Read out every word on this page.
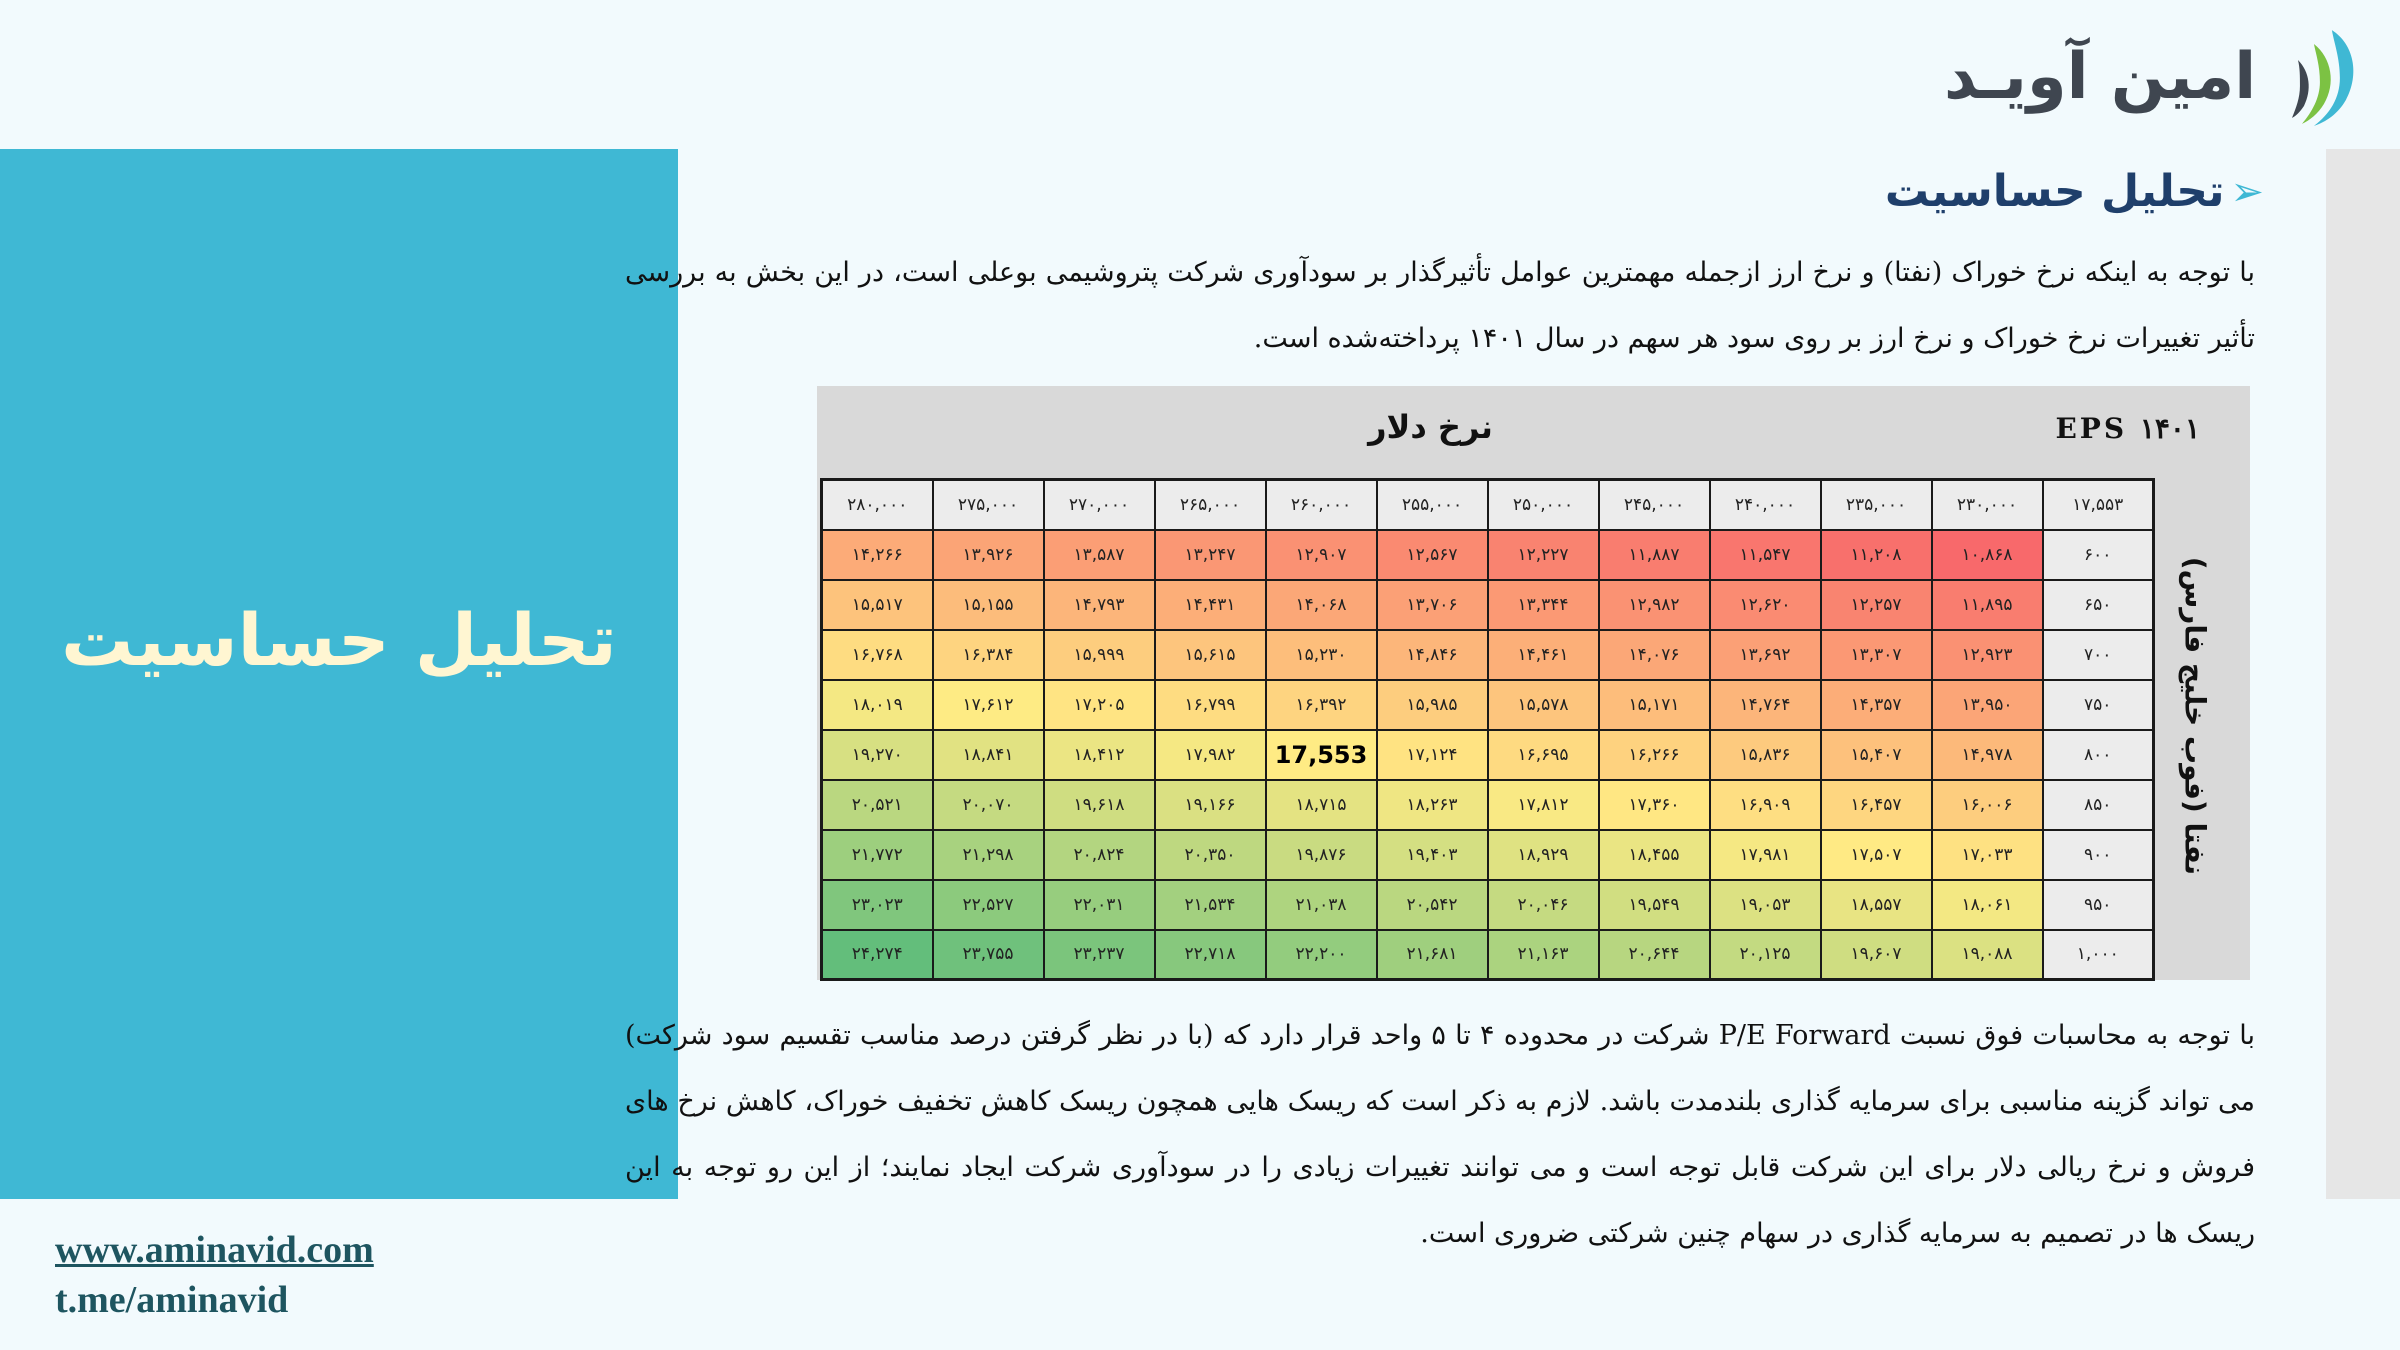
امین آویـد
تحلیل حساسیت
www.aminavid.com
t.me/aminavid
➢
تحلیل حساسیت

با توجه به اینکه نرخ خوراک (نفتا) و نرخ ارز ازجمله مهمترین عوامل تأثیرگذار بر سودآوری شرکت پتروشیمی بوعلی است، در این بخش به بررسی تأثیر تغییرات نرخ خوراک و نرخ ارز بر روی سود هر سهم در سال ۱۴۰۱ پرداخته‌شده است.

EPS ۱۴۰۱
نرخ دلار
نفتا (فوب خلیج فارس)
۱۷,۵۵۳	۲۳۰,۰۰۰	۲۳۵,۰۰۰	۲۴۰,۰۰۰	۲۴۵,۰۰۰	۲۵۰,۰۰۰	۲۵۵,۰۰۰	۲۶۰,۰۰۰	۲۶۵,۰۰۰	۲۷۰,۰۰۰	۲۷۵,۰۰۰	۲۸۰,۰۰۰
۶۰۰	۱۰,۸۶۸	۱۱,۲۰۸	۱۱,۵۴۷	۱۱,۸۸۷	۱۲,۲۲۷	۱۲,۵۶۷	۱۲,۹۰۷	۱۳,۲۴۷	۱۳,۵۸۷	۱۳,۹۲۶	۱۴,۲۶۶
۶۵۰	۱۱,۸۹۵	۱۲,۲۵۷	۱۲,۶۲۰	۱۲,۹۸۲	۱۳,۳۴۴	۱۳,۷۰۶	۱۴,۰۶۸	۱۴,۴۳۱	۱۴,۷۹۳	۱۵,۱۵۵	۱۵,۵۱۷
۷۰۰	۱۲,۹۲۳	۱۳,۳۰۷	۱۳,۶۹۲	۱۴,۰۷۶	۱۴,۴۶۱	۱۴,۸۴۶	۱۵,۲۳۰	۱۵,۶۱۵	۱۵,۹۹۹	۱۶,۳۸۴	۱۶,۷۶۸
۷۵۰	۱۳,۹۵۰	۱۴,۳۵۷	۱۴,۷۶۴	۱۵,۱۷۱	۱۵,۵۷۸	۱۵,۹۸۵	۱۶,۳۹۲	۱۶,۷۹۹	۱۷,۲۰۵	۱۷,۶۱۲	۱۸,۰۱۹
۸۰۰	۱۴,۹۷۸	۱۵,۴۰۷	۱۵,۸۳۶	۱۶,۲۶۶	۱۶,۶۹۵	۱۷,۱۲۴	17,553	۱۷,۹۸۲	۱۸,۴۱۲	۱۸,۸۴۱	۱۹,۲۷۰
۸۵۰	۱۶,۰۰۶	۱۶,۴۵۷	۱۶,۹۰۹	۱۷,۳۶۰	۱۷,۸۱۲	۱۸,۲۶۳	۱۸,۷۱۵	۱۹,۱۶۶	۱۹,۶۱۸	۲۰,۰۷۰	۲۰,۵۲۱
۹۰۰	۱۷,۰۳۳	۱۷,۵۰۷	۱۷,۹۸۱	۱۸,۴۵۵	۱۸,۹۲۹	۱۹,۴۰۳	۱۹,۸۷۶	۲۰,۳۵۰	۲۰,۸۲۴	۲۱,۲۹۸	۲۱,۷۷۲
۹۵۰	۱۸,۰۶۱	۱۸,۵۵۷	۱۹,۰۵۳	۱۹,۵۴۹	۲۰,۰۴۶	۲۰,۵۴۲	۲۱,۰۳۸	۲۱,۵۳۴	۲۲,۰۳۱	۲۲,۵۲۷	۲۳,۰۲۳
۱,۰۰۰	۱۹,۰۸۸	۱۹,۶۰۷	۲۰,۱۲۵	۲۰,۶۴۴	۲۱,۱۶۳	۲۱,۶۸۱	۲۲,۲۰۰	۲۲,۷۱۸	۲۳,۲۳۷	۲۳,۷۵۵	۲۴,۲۷۴

با توجه به محاسبات فوق نسبت P/E Forward شرکت در محدوده ۴ تا ۵ واحد قرار دارد که (با در نظر گرفتن درصد مناسب تقسیم سود شرکت) می تواند گزینه مناسبی برای سرمایه گذاری بلندمدت باشد. لازم به ذکر است که ریسک هایی همچون ریسک کاهش تخفیف خوراک، کاهش نرخ های فروش و نرخ ریالی دلار برای این شرکت قابل توجه است و می توانند تغییرات زیادی را در سودآوری شرکت ایجاد نمایند؛ از این رو توجه به این ریسک ها در تصمیم به سرمایه گذاری در سهام چنین شرکتی ضروری است.
